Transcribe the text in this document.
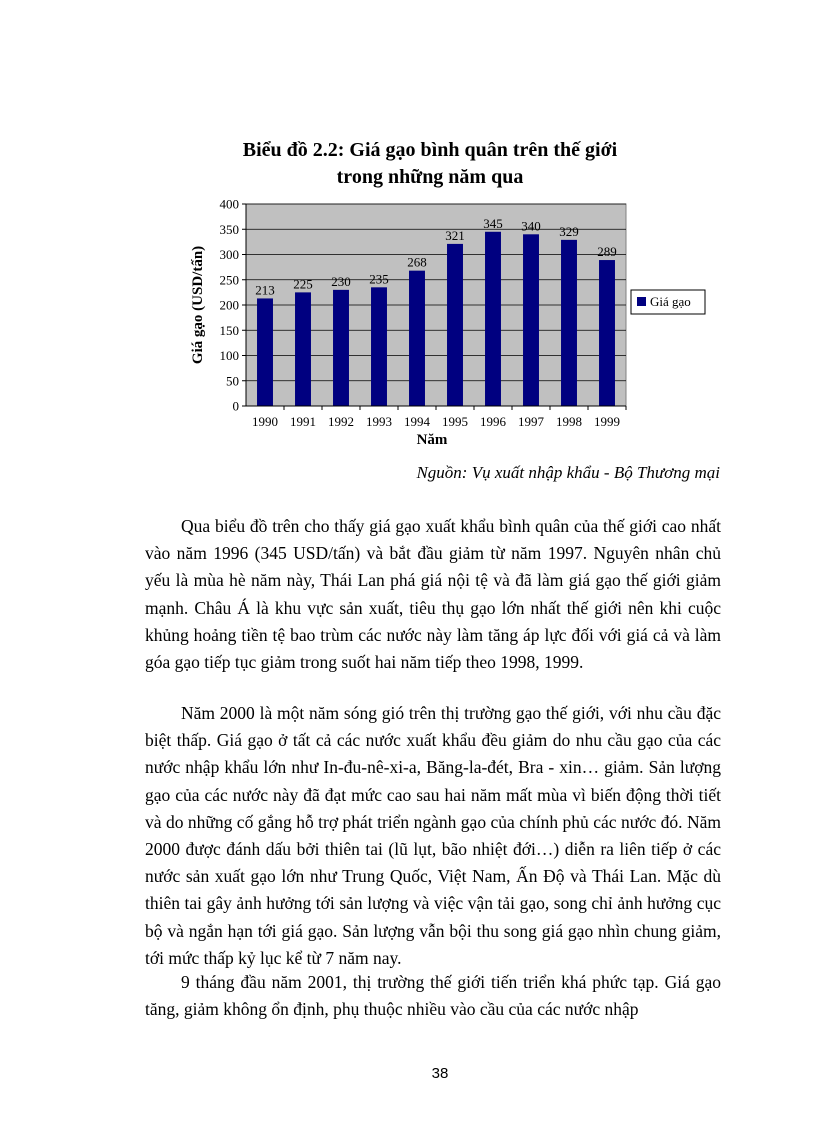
Biểu đồ 2.2: Giá gạo bình quân trên thế giới
trong những năm qua
0
50
100
150
200
250
300
350
400
213 225 230 235
268
321
345 340 329
289
1990 1991 1992 1993 1994 1995 1996 1997 1998 1999
Giá gạo (USD/tấn)
Năm
Giá gạo

Nguồn: Vụ xuất nhập khẩu - Bộ Thương mại

Qua biểu đồ trên cho thấy giá gạo xuất khẩu bình quân của thế giới cao nhất vào năm 1996 (345 USD/tấn) và bắt đầu giảm từ năm 1997. Nguyên nhân chủ yếu là mùa hè năm này, Thái Lan phá giá nội tệ và đã làm giá gạo thế giới giảm mạnh. Châu Á là khu vực sản xuất, tiêu thụ gạo lớn nhất thế giới nên khi cuộc khủng hoảng tiền tệ bao trùm các nước này làm tăng áp lực đối với giá cả và làm góa gạo tiếp tục giảm trong suốt hai năm tiếp theo 1998, 1999.

Năm 2000 là một năm sóng gió trên thị trường gạo thế giới, với nhu cầu đặc biệt thấp. Giá gạo ở tất cả các nước xuất khẩu đều giảm do nhu cầu gạo của các nước nhập khẩu lớn như In-đu-nê-xi-a, Băng-la-đét, Bra - xin… giảm. Sản lượng gạo của các nước này đã đạt mức cao sau hai năm mất mùa vì biến động thời tiết và do những cố gắng hỗ trợ phát triển ngành gạo của chính phủ các nước đó. Năm 2000 được đánh dấu bởi thiên tai (lũ lụt, bão nhiệt đới…) diễn ra liên tiếp ở các nước sản xuất gạo lớn như Trung Quốc, Việt Nam, Ấn Độ và Thái Lan. Mặc dù thiên tai gây ảnh hưởng tới sản lượng và việc vận tải gạo, song chỉ ảnh hưởng cục bộ và ngắn hạn tới giá gạo. Sản lượng vẫn bội thu song giá gạo nhìn chung giảm, tới mức thấp kỷ lục kể từ 7 năm nay.

9 tháng đầu năm 2001, thị trường thế giới tiến triển khá phức tạp. Giá gạo tăng, giảm không ổn định, phụ thuộc nhiều vào cầu của các nước nhập

38
